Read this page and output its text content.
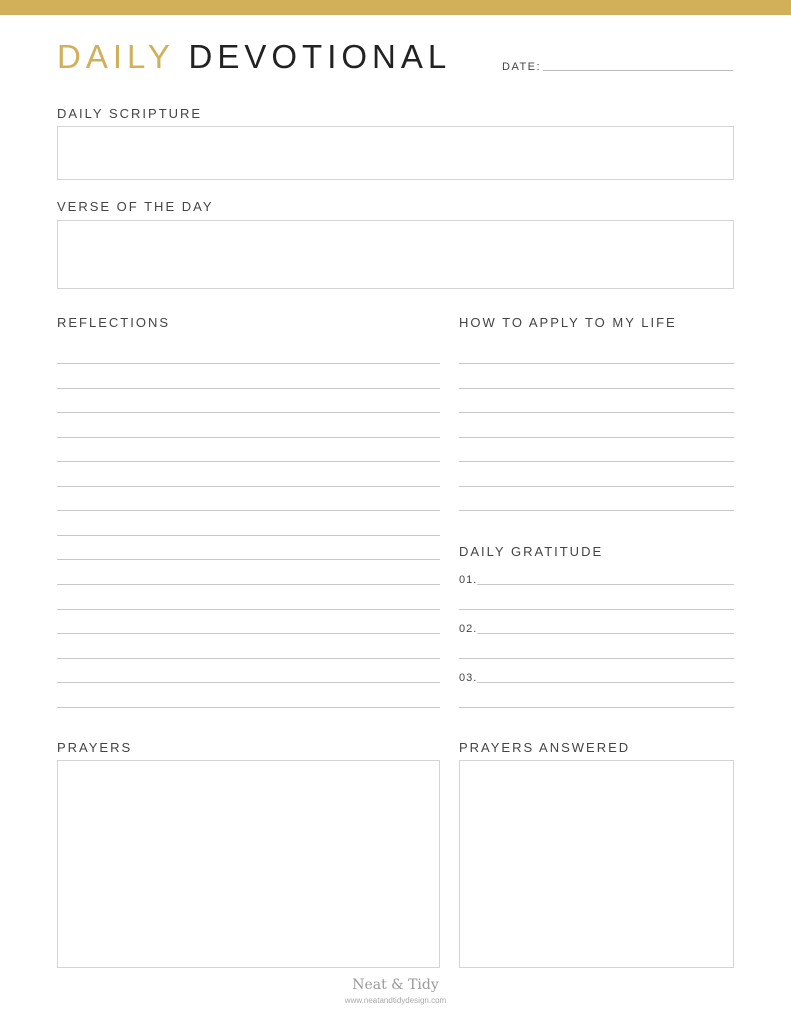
DAILY DEVOTIONAL	DATE:
DAILY SCRIPTURE
VERSE OF THE DAY
REFLECTIONS	HOW TO APPLY TO MY LIFE
DAILY GRATITUDE
01.
02.
03.
PRAYERS	PRAYERS ANSWERED
Neat & Tidy
www.neatandtidydesign.com
